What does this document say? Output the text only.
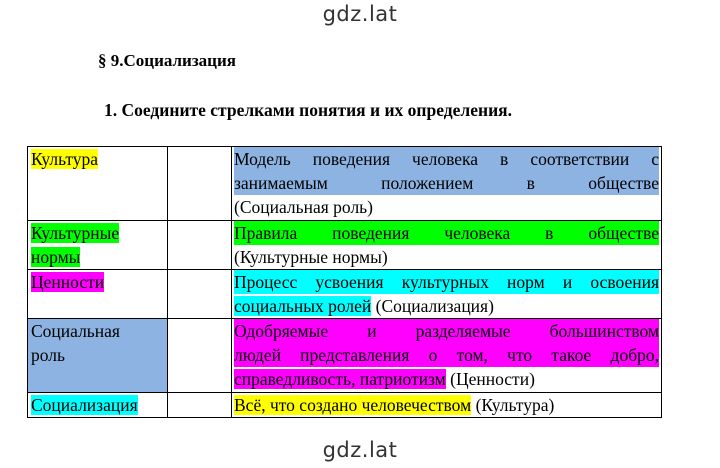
gdz.lat
§ 9.Социализация
1. Соедините стрелками понятия и их определения.
Культура		Модель поведения человека в соответствии с
занимаемым положением в обществе
(Социальная роль)

Культурные
нормы		Правила поведения человека в обществе
(Культурные нормы)

Ценности		Процесс усвоения культурных норм и освоения
социальных ролей (Социализация)

Социальная
роль		Одобряемые и разделяемые большинством
людей представления о том, что такое добро,
справедливость, патриотизм (Ценности)

Социализация		Всё, что создано человечеством (Культура)
gdz.lat
